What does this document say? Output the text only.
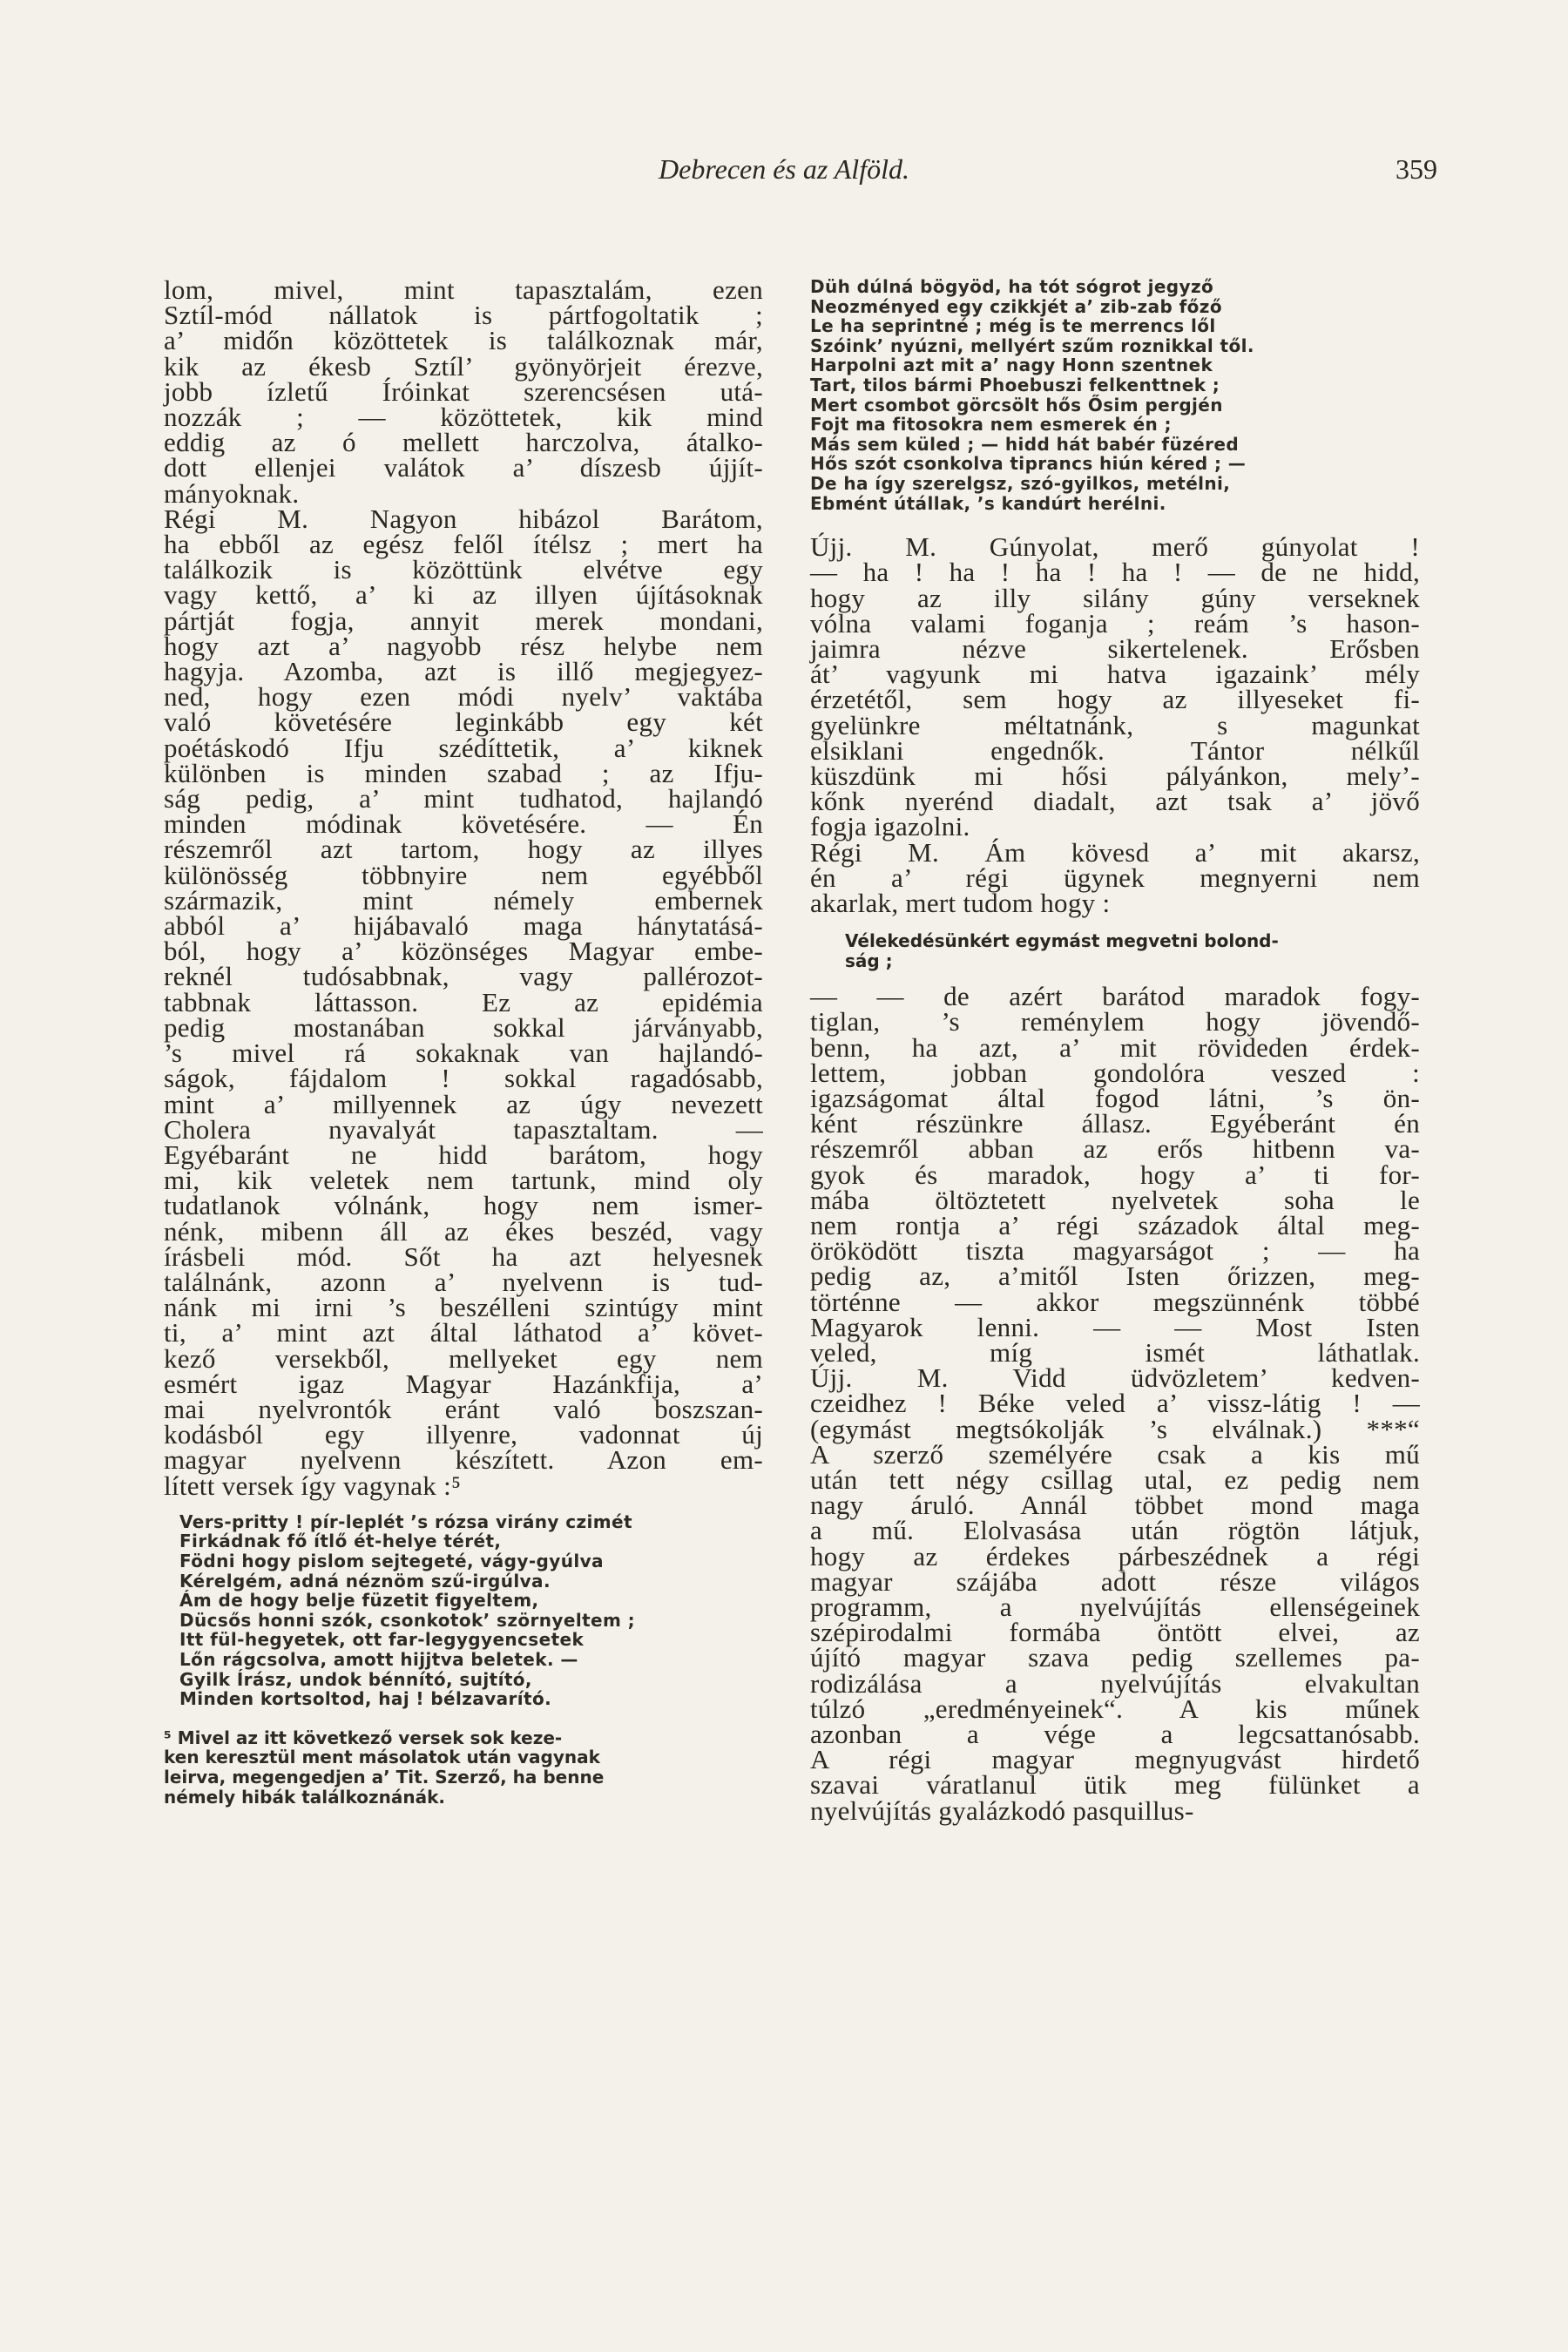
Debrecen és az Alföld.	359
lom, mivel, mint tapasztalám, ezen
Sztíl-mód nállatok is pártfogoltatik ;
a’ midőn közöttetek is találkoznak már,
kik az ékesb Sztíl’ gyönyörjeit érezve,
jobb ízletű Íróinkat szerencsésen utá-
nozzák ; — közöttetek, kik mind
eddig az ó mellett harczolva, átalko-
dott ellenjei valátok a’ díszesb újjít-
mányoknak.
Régi M. Nagyon hibázol Barátom,
ha ebből az egész felől ítélsz ; mert ha
találkozik is közöttünk elvétve egy
vagy kettő, a’ ki az illyen újításoknak
pártját fogja, annyit merek mondani,
hogy azt a’ nagyobb rész helybe nem
hagyja. Azomba, azt is illő megjegyez-
ned, hogy ezen módi nyelv’ vaktába
való követésére leginkább egy két
poétáskodó Ifju szédíttetik, a’ kiknek
különben is minden szabad ; az Ifju-
ság pedig, a’ mint tudhatod, hajlandó
minden módinak követésére. — Én
részemről azt tartom, hogy az illyes
különösség többnyire nem egyébből
származik, mint némely embernek
abból a’ hijábavaló maga hánytatásá-
ból, hogy a’ közönséges Magyar embe-
reknél tudósabbnak, vagy pallérozot-
tabbnak láttasson. Ez az epidémia
pedig mostanában sokkal járványabb,
’s mivel rá sokaknak van hajlandó-
ságok, fájdalom ! sokkal ragadósabb,
mint a’ millyennek az úgy nevezett
Cholera nyavalyát tapasztaltam. —
Egyébaránt ne hidd barátom, hogy
mi, kik veletek nem tartunk, mind oly
tudatlanok vólnánk, hogy nem ismer-
nénk, mibenn áll az ékes beszéd, vagy
írásbeli mód. Sőt ha azt helyesnek
találnánk, azonn a’ nyelvenn is tud-
nánk mi irni ’s beszélleni szintúgy mint
ti, a’ mint azt által láthatod a’ követ-
kező versekből, mellyeket egy nem
esmért igaz Magyar Hazánkfija, a’
mai nyelvrontók eránt való boszszan-
kodásból egy illyenre, vadonnat új
magyar nyelvenn készített. Azon em-
lített versek így vagynak :⁵
Vers-pritty ! pír-leplét ’s rózsa virány czimét
Firkádnak fő ítlő ét-helye térét,
Födni hogy pislom sejtegeté, vágy-gyúlva
Kérelgém, adná néznöm szű-irgúlva.
Ám de hogy belje füzetit figyeltem,
Dücsős honni szók, csonkotok’ szörnyeltem ;
Itt fül-hegyetek, ott far-legygyencsetek
Lőn rágcsolva, amott hijjtva beletek. —
Gyilk Írász, undok bénnító, sujtító,
Minden kortsoltod, haj ! bélzavarító.
⁵ Mivel az itt következő versek sok keze-
ken keresztül ment másolatok után vagynak
leirva, megengedjen a’ Tit. Szerző, ha benne
némely hibák találkoznánák.
Düh dúlná bögyöd, ha tót sógrot jegyző
Neozményed egy czikkjét a’ zib-zab főző
Le ha seprintné ; még is te merrencs lől
Szóink’ nyúzni, mellyért szűm roznikkal től.
Harpolni azt mit a’ nagy Honn szentnek
Tart, tilos bármi Phoebuszi felkenttnek ;
Mert csombot görcsölt hős Ősim pergjén
Fojt ma fitosokra nem esmerek én ;
Más sem küled ; — hidd hát babér füzéred
Hős szót csonkolva tiprancs hiún kéred ; —
De ha így szerelgsz, szó-gyilkos, metélni,
Ebmént útállak, ’s kandúrt herélni.
Újj. M. Gúnyolat, merő gúnyolat !
— ha ! ha ! ha ! ha ! — de ne hidd,
hogy az illy silány gúny verseknek
vólna valami foganja ; reám ’s hason-
jaimra nézve sikertelenek. Erősben
át’ vagyunk mi hatva igazaink’ mély
érzetétől, sem hogy az illyeseket fi-
gyelünkre méltatnánk, s magunkat
elsiklani engednők. Tántor nélkűl
küszdünk mi hősi pályánkon, mely’-
kőnk nyerénd diadalt, azt tsak a’ jövő
fogja igazolni.
Régi M. Ám kövesd a’ mit akarsz,
én a’ régi ügynek megnyerni nem
akarlak, mert tudom hogy :
Vélekedésünkért egymást megvetni bolond-
ság ;
— — de azért barátod maradok fogy-
tiglan, ’s reménylem hogy jövendő-
benn, ha azt, a’ mit rövideden érdek-
lettem, jobban gondolóra veszed :
igazságomat által fogod látni, ’s ön-
ként részünkre állasz. Egyéberánt én
részemről abban az erős hitbenn va-
gyok és maradok, hogy a’ ti for-
mába öltöztetett nyelvetek soha le
nem rontja a’ régi századok által meg-
öröködött tiszta magyarságot ; — ha
pedig az, a’mitől Isten őrizzen, meg-
történne — akkor megszünnénk többé
Magyarok lenni. — — Most Isten
veled, míg ismét láthatlak.
Újj. M. Vidd üdvözletem’ kedven-
czeidhez ! Béke veled a’ vissz-látig ! —
(egymást megtsókolják ’s elválnak.) ***“
A szerző személyére csak a kis mű
után tett négy csillag utal, ez pedig nem
nagy áruló. Annál többet mond maga
a mű. Elolvasása után rögtön látjuk,
hogy az érdekes párbeszédnek a régi
magyar szájába adott része világos
programm, a nyelvújítás ellenségeinek
szépirodalmi formába öntött elvei, az
újító magyar szava pedig szellemes pa-
rodizálása a nyelvújítás elvakultan
túlzó „eredményeinek“. A kis műnek
azonban a vége a legcsattanósabb.
A régi magyar megnyugvást hirdető
szavai váratlanul ütik meg fülünket a
nyelvújítás gyalázkodó pasquillus-
